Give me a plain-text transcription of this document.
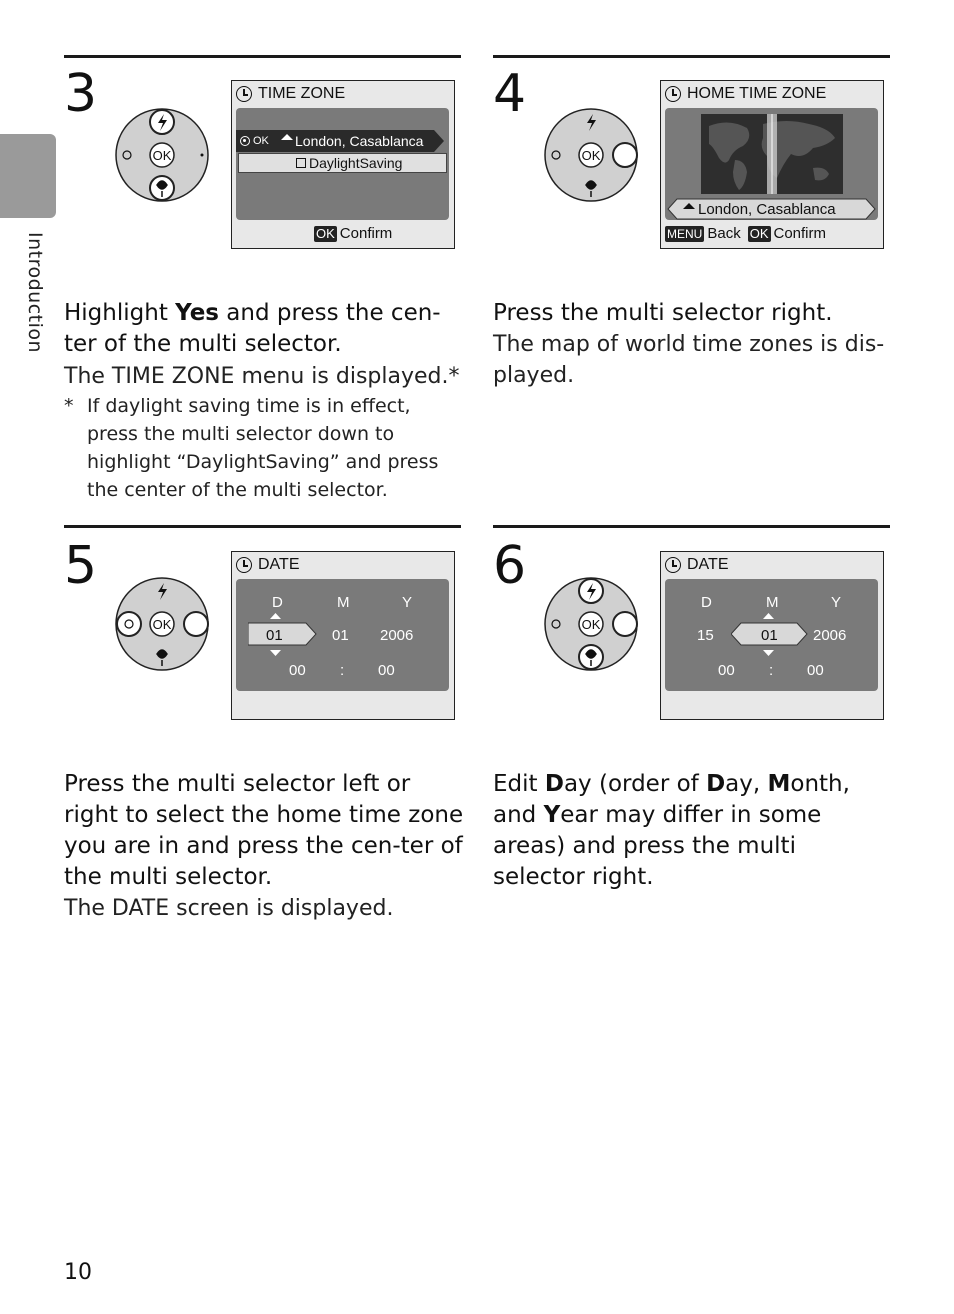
Introduction
3
OK
TIME ZONE
OK London, Casablanca
DaylightSaving
OK Confirm
Highlight Yes and press the cen-ter of the multi selector.
The TIME ZONE menu is displayed.*
* If daylight saving time is in effect, press the multi selector down to highlight “DaylightSaving” and press the center of the multi selector.
4
OK
HOME TIME ZONE
London, Casablanca
MENU Back OK Confirm
Press the multi selector right.
The map of world time zones is dis-played.
5
OK
DATE
D	M	Y
01	01 2006
00 : 00
Press the multi selector left or right to select the home time zone you are in and press the cen-ter of the multi selector.
The DATE screen is displayed.
6
OK
DATE
D	M	Y
15	01 2006
00 : 00
Edit Day (order of Day, Month, and Year may differ in some areas) and press the multi selector right.
10
